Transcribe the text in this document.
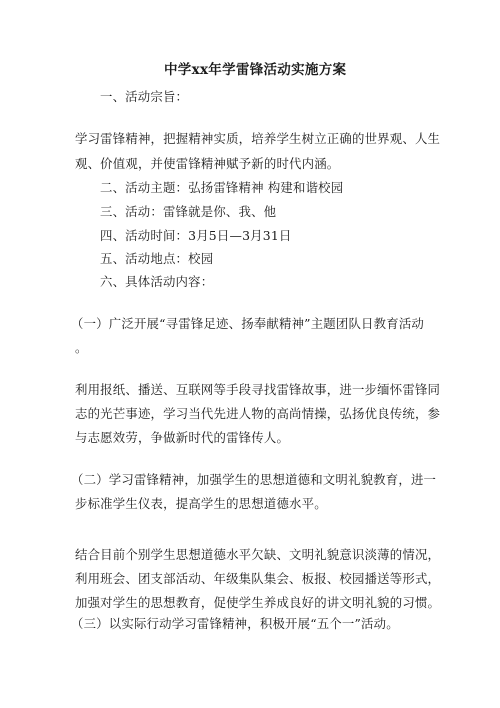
中学xx年学雷锋活动实施方案
一、活动宗旨：
学习雷锋精神，把握精神实质，培养学生树立正确的世界观、人生
观、价值观，并使雷锋精神赋予新的时代内涵。
二、活动主题：弘扬雷锋精神 构建和谐校园
三、活动：雷锋就是你、我、他
四、活动时间：3月5日—3月31日
五、活动地点：校园
六、具体活动内容：
（一）广泛开展“寻雷锋足迹、扬奉献精神”主题团队日教育活动
。
利用报纸、播送、互联网等手段寻找雷锋故事，进一步缅怀雷锋同
志的光芒事迹，学习当代先进人物的高尚情操，弘扬优良传统，参
与志愿效劳，争做新时代的雷锋传人。
（二）学习雷锋精神，加强学生的思想道德和文明礼貌教育，进一
步标准学生仪表，提高学生的思想道德水平。
结合目前个别学生思想道德水平欠缺、文明礼貌意识淡薄的情况，
利用班会、团支部活动、年级集队集会、板报、校园播送等形式，
加强对学生的思想教育，促使学生养成良好的讲文明礼貌的习惯。
（三）以实际行动学习雷锋精神，积极开展“五个一”活动。
